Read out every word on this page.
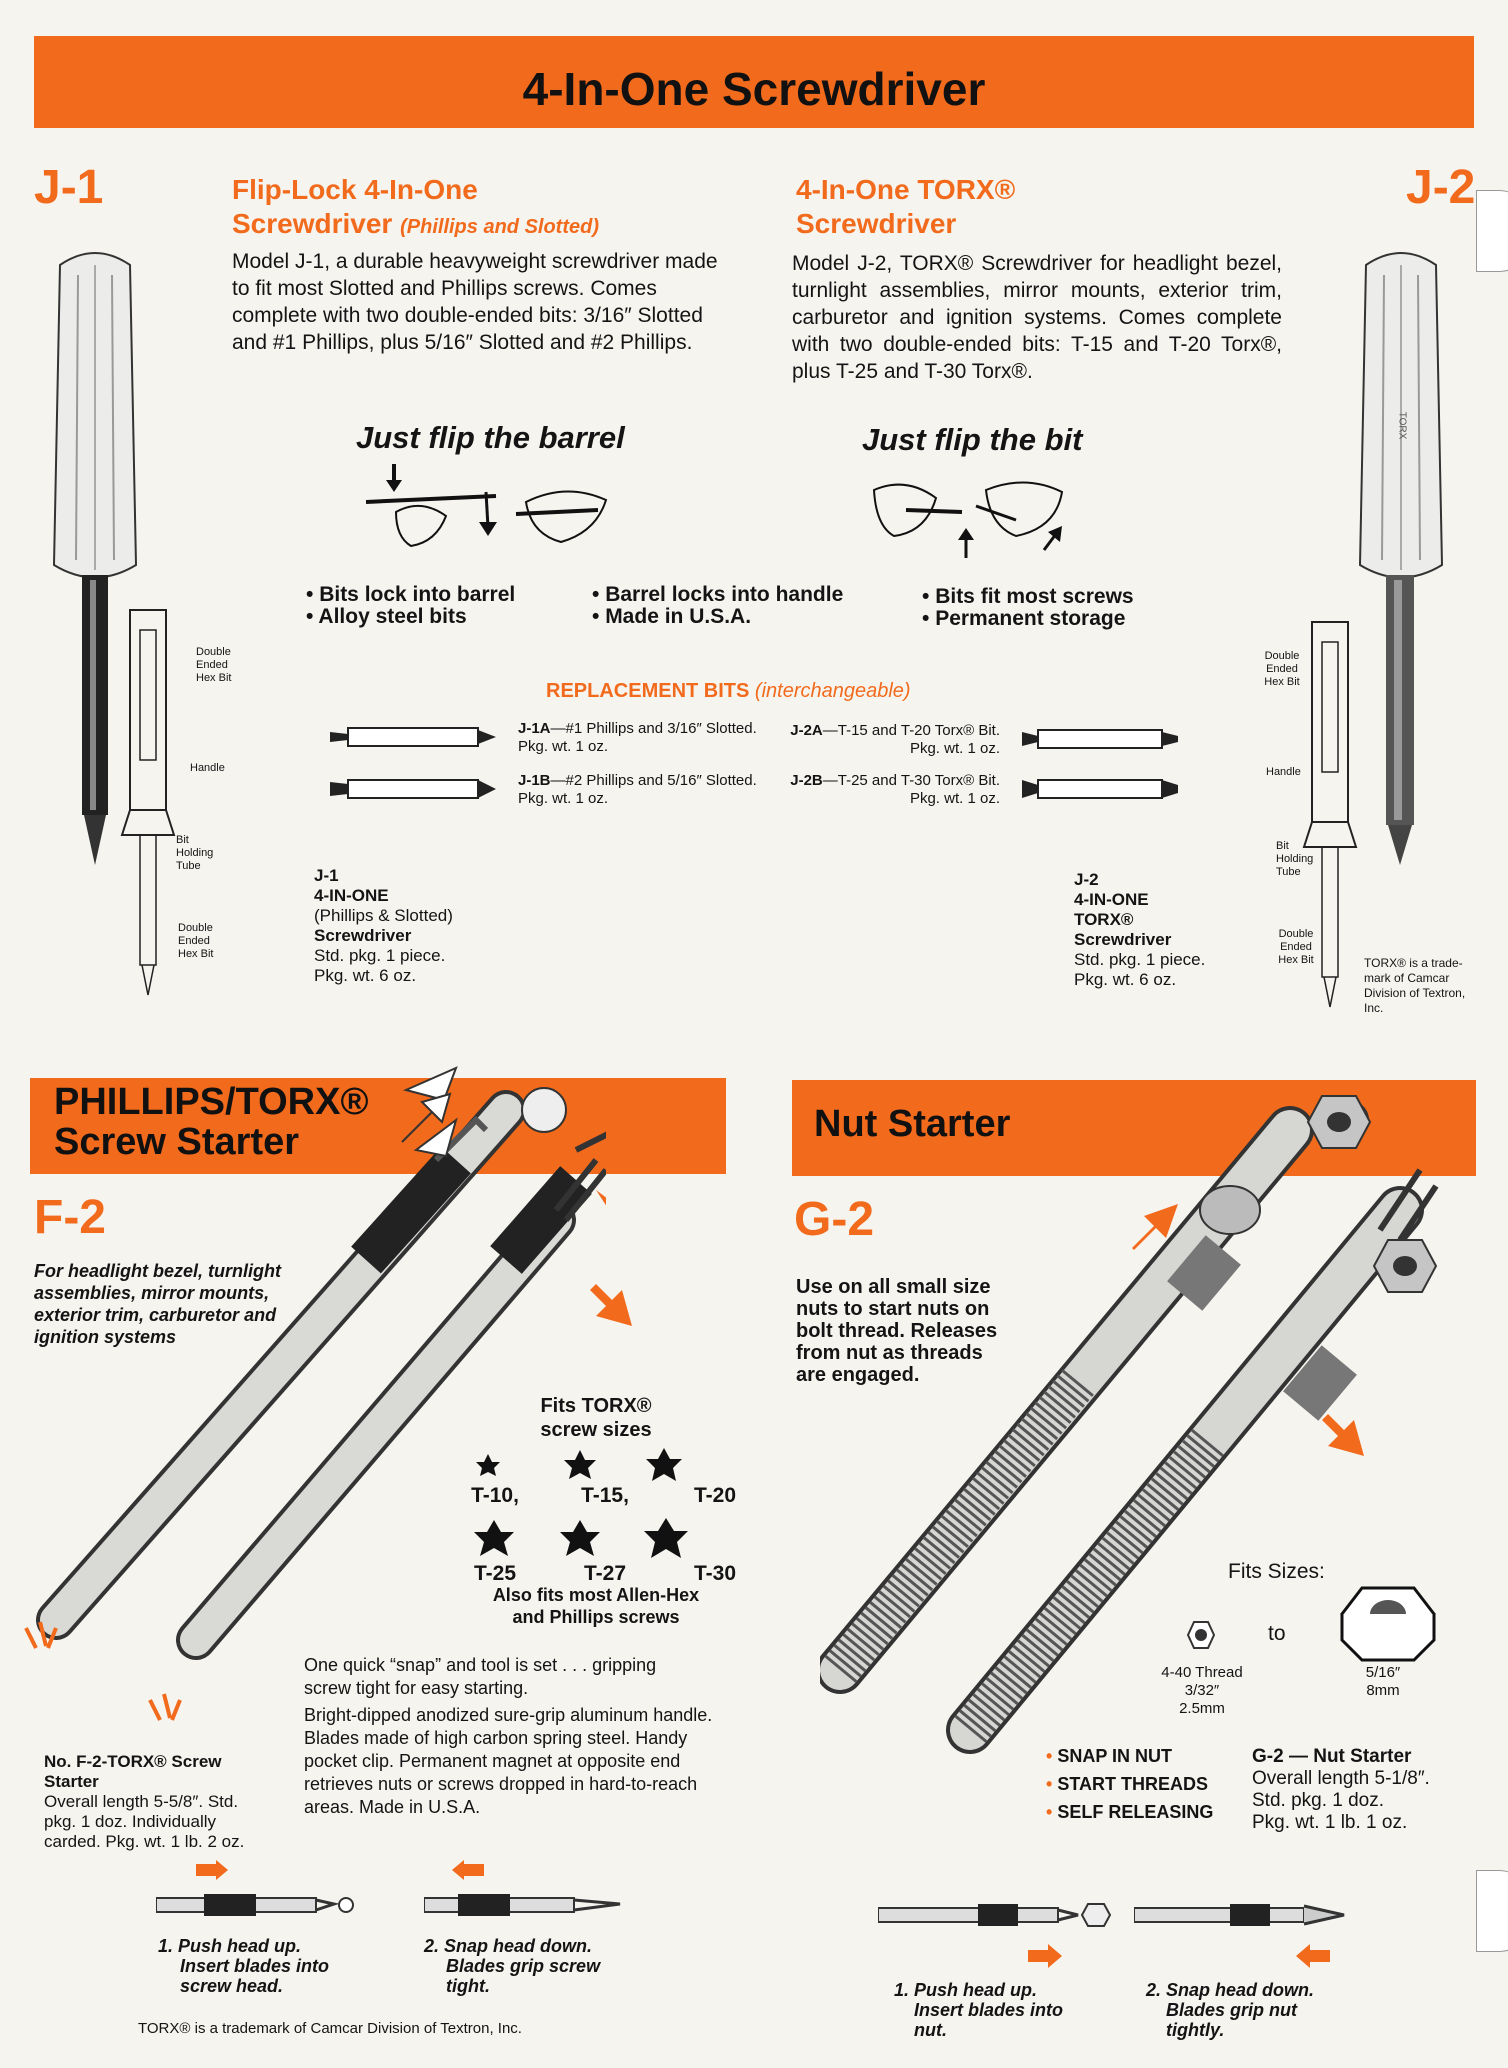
4-In-One Screwdriver
J-1	Flip-Lock 4-In-One
Screwdriver (Phillips and Slotted)
Model J-1, a durable heavyweight screwdriver made to fit most Slotted and Phillips screws. Comes complete with two double-ended bits: 3/16″ Slotted and #1 Phillips, plus 5/16″ Slotted and #2 Phillips.
Double Ended Hex Bit
Handle
Bit Holding Tube
Double Ended Hex Bit
Just flip the barrel	Just flip the bit
• Bits lock into barrel
• Alloy steel bits
• Barrel locks into handle
• Made in U.S.A.
• Bits fit most screws
• Permanent storage
REPLACEMENT BITS (interchangeable)
J-1A—#1 Phillips and 3/16″ Slotted.
Pkg. wt. 1 oz.
J-1B—#2 Phillips and 5/16″ Slotted.
Pkg. wt. 1 oz.
J-2A—T-15 and T-20 Torx® Bit.
Pkg. wt. 1 oz.
J-2B—T-25 and T-30 Torx® Bit.
Pkg. wt. 1 oz.
J-1
4-IN-ONE
(Phillips & Slotted)
Screwdriver
Std. pkg. 1 piece.
Pkg. wt. 6 oz.
J-2
4-In-One TORX®
Screwdriver
Model J-2, TORX® Screwdriver for headlight bezel, turnlight assemblies, mirror mounts, exterior trim, carburetor and ignition systems. Comes complete with two double-ended bits: T-15 and T-20 Torx®, plus T-25 and T-30 Torx®.
TORX
Double Ended Hex Bit
Handle
Bit Holding Tube
Double Ended Hex Bit	TORX® is a trade-mark of Camcar Division of Textron, Inc.
J-2
4-IN-ONE
TORX®
Screwdriver
Std. pkg. 1 piece.
Pkg. wt. 6 oz.
PHILLIPS/TORX®
Screw Starter
F-2
For headlight bezel, turnlight assemblies, mirror mounts, exterior trim, carburetor and ignition systems
Fits TORX®
screw sizes
T-10,	T-15,	T-20
T-25	T-27	T-30
Also fits most Allen-Hex
and Phillips screws
One quick “snap” and tool is set . . . gripping screw tight for easy starting.
Bright-dipped anodized sure-grip aluminum handle. Blades made of high carbon spring steel. Handy pocket clip. Permanent magnet at opposite end retrieves nuts or screws dropped in hard-to-reach areas. Made in U.S.A.
No. F-2-TORX® Screw Starter
Overall length 5-5/8″. Std. pkg. 1 doz. Individually carded. Pkg. wt. 1 lb. 2 oz.
1. Push head up.
Insert blades into
screw head.
2. Snap head down.
Blades grip screw
tight.
TORX® is a trademark of Camcar Division of Textron, Inc.
Nut Starter
G-2
Use on all small size nuts to start nuts on bolt thread. Releases from nut as threads are engaged.
Fits Sizes:
to
4-40 Thread
3/32″
2.5mm
5/16″
8mm
• SNAP IN NUT
• START THREADS
• SELF RELEASING
G-2 — Nut Starter
Overall length 5-1/8″.
Std. pkg. 1 doz.
Pkg. wt. 1 lb. 1 oz.
1. Push head up.
Insert blades into
nut.
2. Snap head down.
Blades grip nut
tightly.
